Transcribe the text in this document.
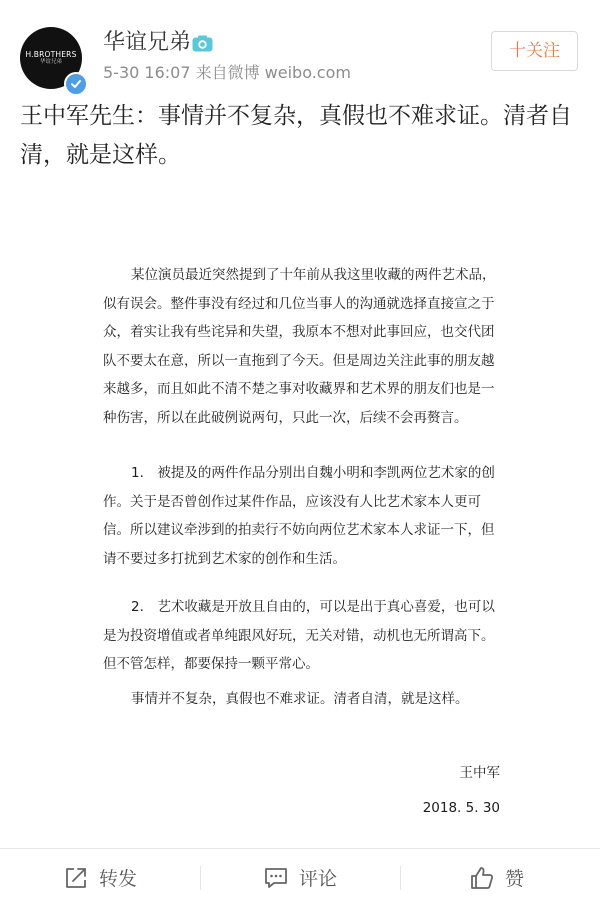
H.BROTHERS
华谊兄弟
华谊兄弟
5-30 16:07 来自微博 weibo.com
十关注
王中军先生：事情并不复杂，真假也不难求证。清者自清，就是这样。

某位演员最近突然提到了十年前从我这里收藏的两件艺术品，似有误会。整件事没有经过和几位当事人的沟通就选择直接宣之于众，着实让我有些诧异和失望，我原本不想对此事回应，也交代团队不要太在意，所以一直拖到了今天。但是周边关注此事的朋友越来越多，而且如此不清不楚之事对收藏界和艺术界的朋友们也是一种伤害，所以在此破例说两句，只此一次，后续不会再赘言。

1.　被提及的两件作品分别出自魏小明和李凯两位艺术家的创作。关于是否曾创作过某件作品，应该没有人比艺术家本人更可信。所以建议牵涉到的拍卖行不妨向两位艺术家本人求证一下，但请不要过多打扰到艺术家的创作和生活。

2.　艺术收藏是开放且自由的，可以是出于真心喜爱，也可以是为投资增值或者单纯跟风好玩，无关对错，动机也无所谓高下。但不管怎样，都要保持一颗平常心。

事情并不复杂，真假也不难求证。清者自清，就是这样。

王中军

2018. 5. 30

转发	评论	赞
